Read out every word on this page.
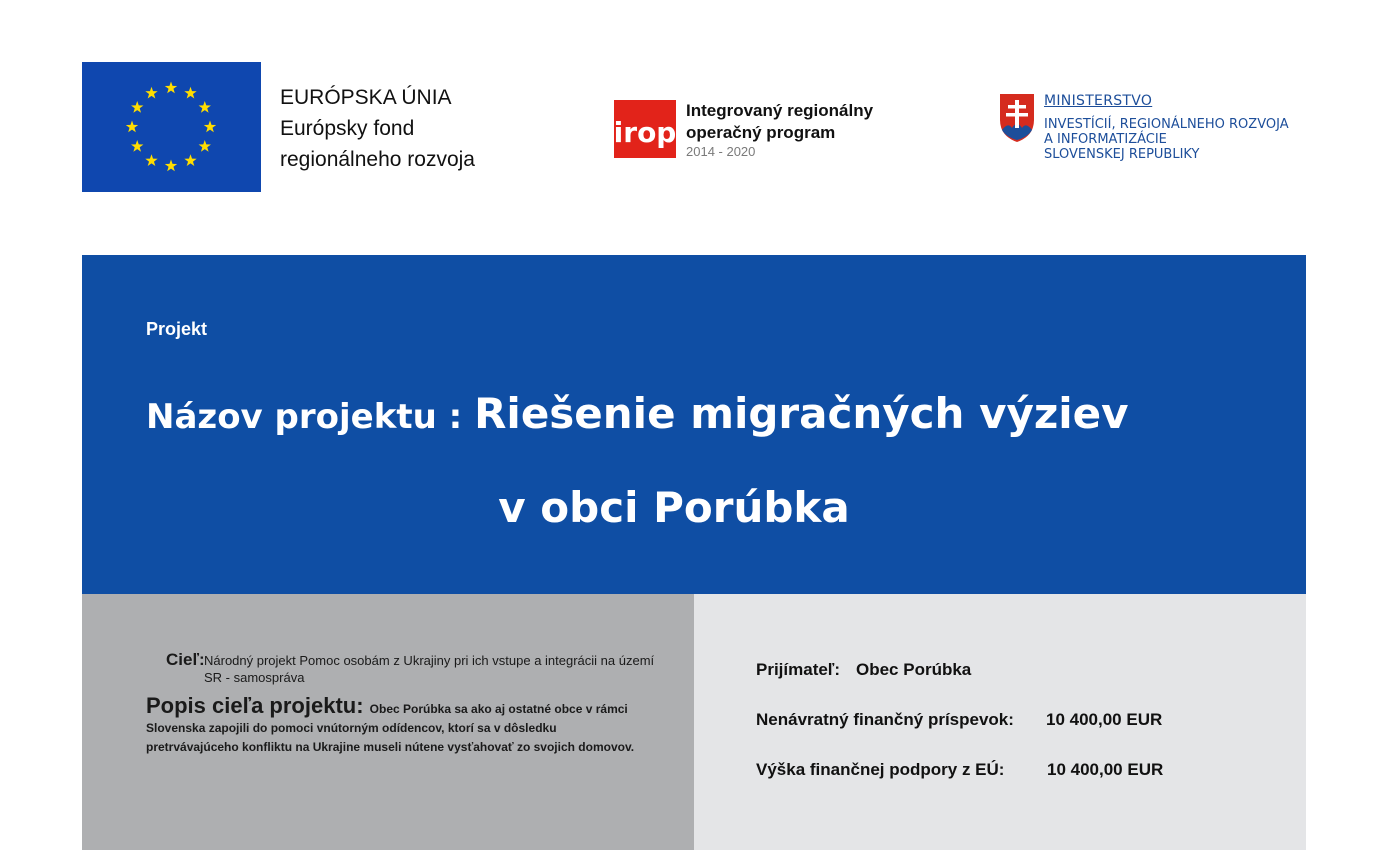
EURÓPSKA ÚNIA
Európsky fond
regionálneho rozvoja
irop
Integrovaný regionálny
operačný program
2014 - 2020
MINISTERSTVO
INVESTÍCIÍ, REGIONÁLNEHO ROZVOJA
A INFORMATIZÁCIE
SLOVENSKEJ REPUBLIKY
Projekt
Názov projektu : Riešenie migračných výziev
v obci Porúbka
Cieľ: Národný projekt Pomoc osobám z Ukrajiny pri ich vstupe a integrácii na území SR - samospráva
Popis cieľa projektu: Obec Porúbka sa ako aj ostatné obce v rámci Slovenska zapojili do pomoci vnútorným odídencov, ktorí sa v dôsledku pretrvávajúceho konfliktu na Ukrajine museli nútene vysťahovať zo svojich domovov.
Prijímateľ: Obec Porúbka
Nenávratný finančný príspevok: 10 400,00 EUR
Výška finančnej podpory z EÚ:	10 400,00 EUR
